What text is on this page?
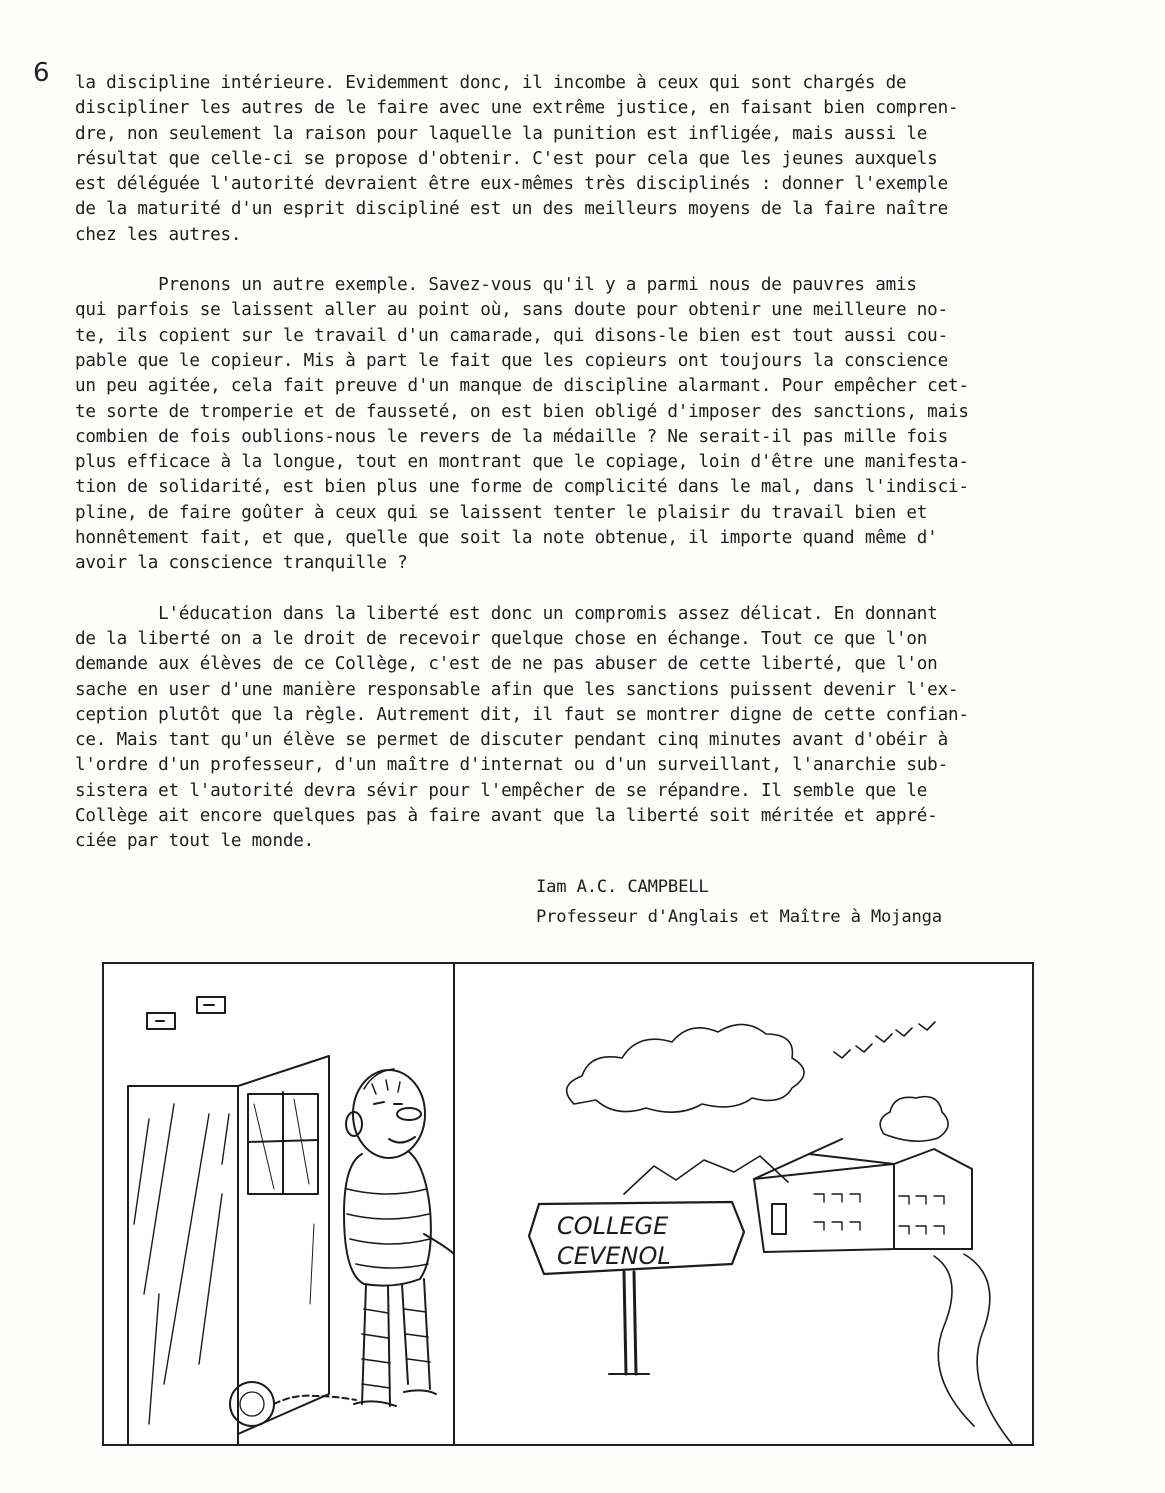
6 la discipline intérieure. Evidemment donc, il incombe à ceux qui sont chargés de
discipliner les autres de le faire avec une extrême justice, en faisant bien compren-
dre, non seulement la raison pour laquelle la punition est infligée, mais aussi le
résultat que celle-ci se propose d'obtenir. C'est pour cela que les jeunes auxquels
est déléguée l'autorité devraient être eux-mêmes très disciplinés : donner l'exemple
de la maturité d'un esprit discipliné est un des meilleurs moyens de la faire naître
chez les autres.
Prenons un autre exemple. Savez-vous qu'il y a parmi nous de pauvres amis
qui parfois se laissent aller au point où, sans doute pour obtenir une meilleure no-
te, ils copient sur le travail d'un camarade, qui disons-le bien est tout aussi cou-
pable que le copieur. Mis à part le fait que les copieurs ont toujours la conscience
un peu agitée, cela fait preuve d'un manque de discipline alarmant. Pour empêcher cet-
te sorte de tromperie et de fausseté, on est bien obligé d'imposer des sanctions, mais
combien de fois oublions-nous le revers de la médaille ? Ne serait-il pas mille fois
plus efficace à la longue, tout en montrant que le copiage, loin d'être une manifesta-
tion de solidarité, est bien plus une forme de complicité dans le mal, dans l'indisci-
pline, de faire goûter à ceux qui se laissent tenter le plaisir du travail bien et
honnêtement fait, et que, quelle que soit la note obtenue, il importe quand même d'
avoir la conscience tranquille ?
L'éducation dans la liberté est donc un compromis assez délicat. En donnant
de la liberté on a le droit de recevoir quelque chose en échange. Tout ce que l'on
demande aux élèves de ce Collège, c'est de ne pas abuser de cette liberté, que l'on
sache en user d'une manière responsable afin que les sanctions puissent devenir l'ex-
ception plutôt que la règle. Autrement dit, il faut se montrer digne de cette confian-
ce. Mais tant qu'un élève se permet de discuter pendant cinq minutes avant d'obéir à
l'ordre d'un professeur, d'un maître d'internat ou d'un surveillant, l'anarchie sub-
sistera et l'autorité devra sévir pour l'empêcher de se répandre. Il semble que le
Collège ait encore quelques pas à faire avant que la liberté soit méritée et appré-
ciée par tout le monde.
Iam A.C. CAMPBELL
Professeur d'Anglais et Maître à Mojanga
COLLEGE
CEVENOL
